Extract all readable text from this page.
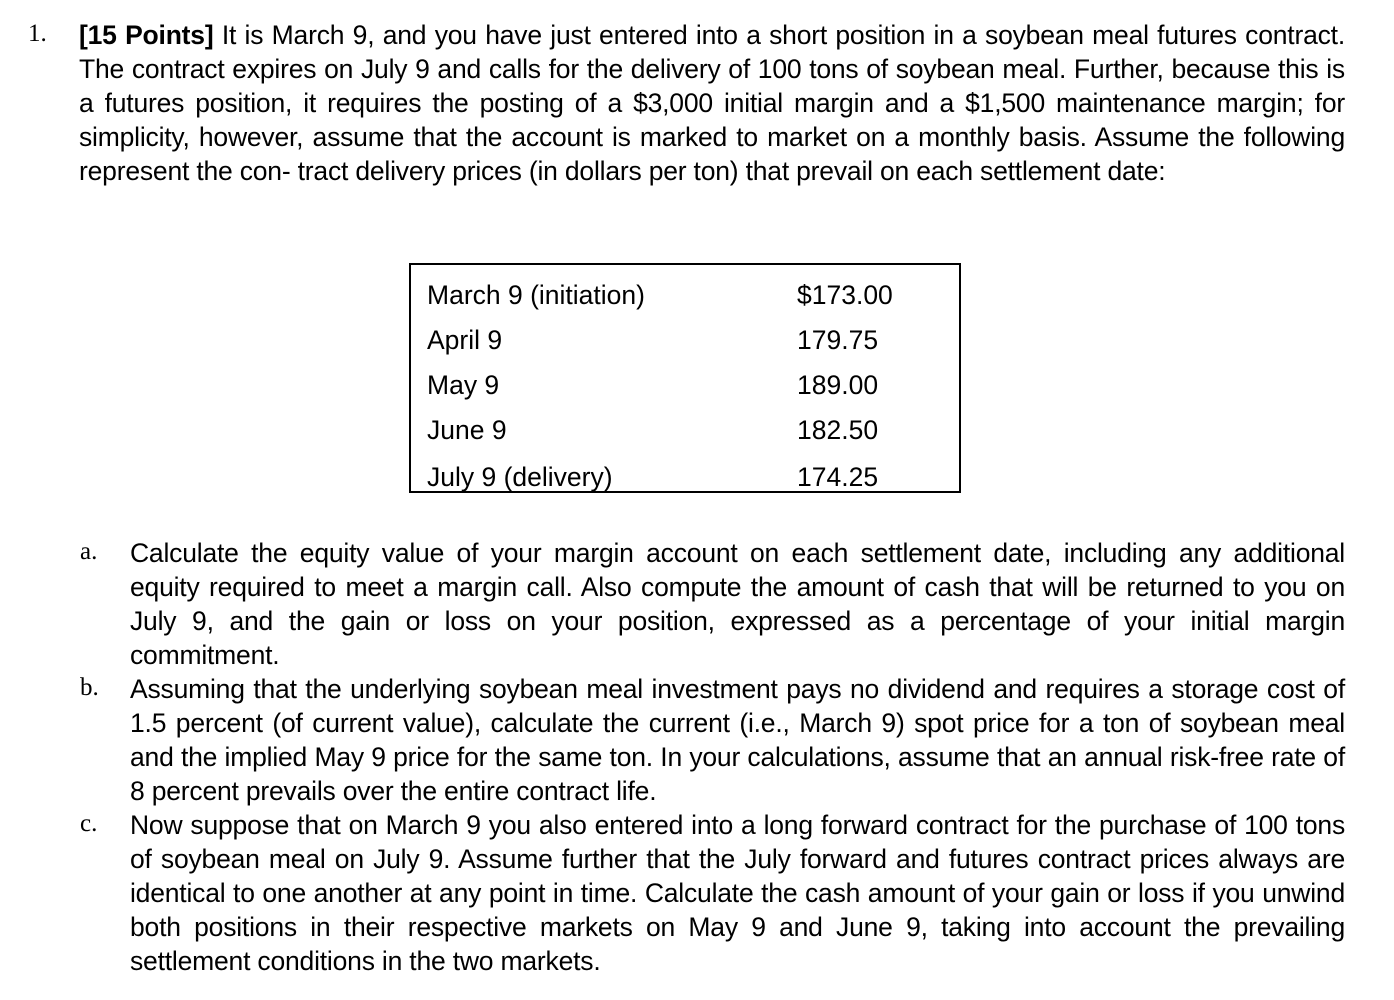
1. [15 Points] It is March 9, and you have just entered into a short position in a soybean meal futures contract. The contract expires on July 9 and calls for the delivery of 100 tons of soybean meal. Further, because this is a futures position, it requires the posting of a $3,000 initial margin and a $1,500 maintenance margin; for simplicity, however, assume that the account is marked to market on a monthly basis. Assume the following represent the con- tract delivery prices (in dollars per ton) that prevail on each settlement date:
March 9 (initiation)	$173.00
April 9	179.75
May 9	189.00
June 9	182.50
July 9 (delivery)	174.25
a. Calculate the equity value of your margin account on each settlement date, including any additional equity required to meet a margin call. Also compute the amount of cash that will be returned to you on July 9, and the gain or loss on your position, expressed as a percentage of your initial margin commitment.
b. Assuming that the underlying soybean meal investment pays no dividend and requires a storage cost of 1.5 percent (of current value), calculate the current (i.e., March 9) spot price for a ton of soybean meal and the implied May 9 price for the same ton. In your calculations, assume that an annual risk-free rate of 8 percent prevails over the entire contract life.
c. Now suppose that on March 9 you also entered into a long forward contract for the purchase of 100 tons of soybean meal on July 9. Assume further that the July forward and futures contract prices always are identical to one another at any point in time. Calculate the cash amount of your gain or loss if you unwind both positions in their respective markets on May 9 and June 9, taking into account the prevailing settlement conditions in the two markets.
